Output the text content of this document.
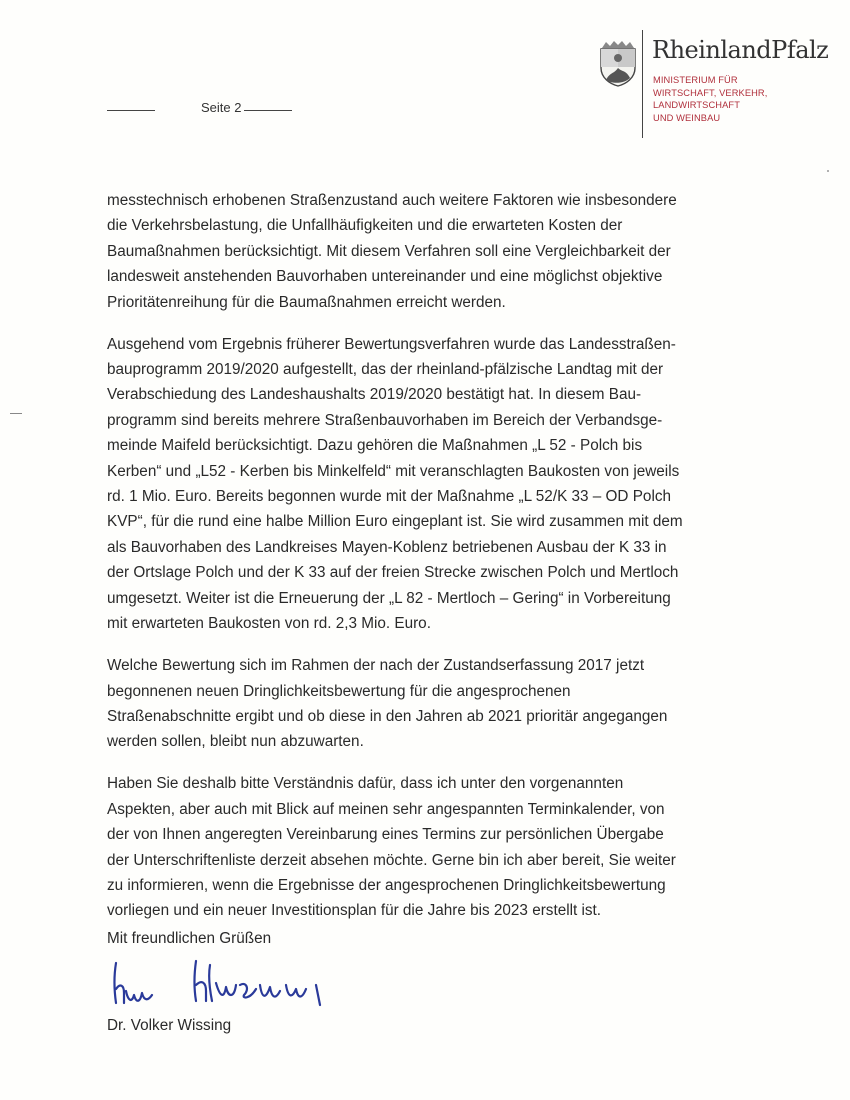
Seite 2
RheinlandPfalz
MINISTERIUM FÜR
WIRTSCHAFT, VERKEHR,
LANDWIRTSCHAFT
UND WEINBAU

messtechnisch erhobenen Straßenzustand auch weitere Faktoren wie insbesondere
die Verkehrsbelastung, die Unfallhäufigkeiten und die erwarteten Kosten der
Baumaßnahmen berücksichtigt. Mit diesem Verfahren soll eine Vergleichbarkeit der
landesweit anstehenden Bauvorhaben untereinander und eine möglichst objektive
Prioritätenreihung für die Baumaßnahmen erreicht werden.

Ausgehend vom Ergebnis früherer Bewertungsverfahren wurde das Landesstraßen-
bauprogramm 2019/2020 aufgestellt, das der rheinland-pfälzische Landtag mit der
Verabschiedung des Landeshaushalts 2019/2020 bestätigt hat. In diesem Bau-
programm sind bereits mehrere Straßenbauvorhaben im Bereich der Verbandsge-
meinde Maifeld berücksichtigt. Dazu gehören die Maßnahmen „L 52 - Polch bis
Kerben“ und „L52 - Kerben bis Minkelfeld“ mit veranschlagten Baukosten von jeweils
rd. 1 Mio. Euro. Bereits begonnen wurde mit der Maßnahme „L 52/K 33 – OD Polch
KVP“, für die rund eine halbe Million Euro eingeplant ist. Sie wird zusammen mit dem
als Bauvorhaben des Landkreises Mayen-Koblenz betriebenen Ausbau der K 33 in
der Ortslage Polch und der K 33 auf der freien Strecke zwischen Polch und Mertloch
umgesetzt. Weiter ist die Erneuerung der „L 82 - Mertloch – Gering“ in Vorbereitung
mit erwarteten Baukosten von rd. 2,3 Mio. Euro.

Welche Bewertung sich im Rahmen der nach der Zustandserfassung 2017 jetzt
begonnenen neuen Dringlichkeitsbewertung für die angesprochenen
Straßenabschnitte ergibt und ob diese in den Jahren ab 2021 prioritär angegangen
werden sollen, bleibt nun abzuwarten.

Haben Sie deshalb bitte Verständnis dafür, dass ich unter den vorgenannten
Aspekten, aber auch mit Blick auf meinen sehr angespannten Terminkalender, von
der von Ihnen angeregten Vereinbarung eines Termins zur persönlichen Übergabe
der Unterschriftenliste derzeit absehen möchte. Gerne bin ich aber bereit, Sie weiter
zu informieren, wenn die Ergebnisse der angesprochenen Dringlichkeitsbewertung
vorliegen und ein neuer Investitionsplan für die Jahre bis 2023 erstellt ist.

Mit freundlichen Grüßen
Dr. Volker Wissing
